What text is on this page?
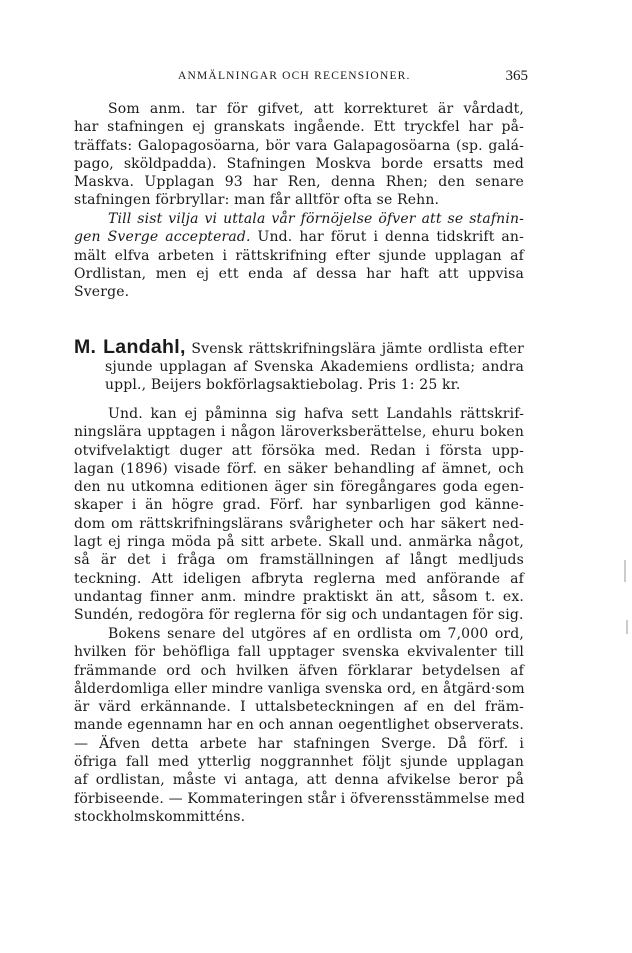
ANMÄLNINGAR OCH RECENSIONER.	365
Som anm. tar för gifvet, att korrekturet är vårdadt,
har stafningen ej granskats ingående. Ett tryckfel har på-
träffats: Galopagosöarna, bör vara Galapagosöarna (sp. galá-
pago, sköldpadda). Stafningen Moskva borde ersatts med
Maskva. Upplagan 93 har Ren, denna Rhen; den senare
stafningen förbryllar: man får alltför ofta se Rehn.
Till sist vilja vi uttala vår förnöjelse öfver att se stafnin-
gen Sverge accepterad. Und. har förut i denna tidskrift an-
mält elfva arbeten i rättskrifning efter sjunde upplagan af
Ordlistan, men ej ett enda af dessa har haft att uppvisa
Sverge.
M. Landahl, Svensk rättskrifningslära jämte ordlista efter
sjunde upplagan af Svenska Akademiens ordlista; andra
uppl., Beijers bokförlagsaktiebolag. Pris 1: 25 kr.
Und. kan ej påminna sig hafva sett Landahls rättskrif-
ningslära upptagen i någon läroverksberättelse, ehuru boken
otvifvelaktigt duger att försöka med. Redan i första upp-
lagan (1896) visade förf. en säker behandling af ämnet, och
den nu utkomna editionen äger sin föregångares goda egen-
skaper i än högre grad. Förf. har synbarligen god känne-
dom om rättskrifningslärans svårigheter och har säkert ned-
lagt ej ringa möda på sitt arbete. Skall und. anmärka något,
så är det i fråga om framställningen af långt medljuds
teckning. Att ideligen afbryta reglerna med anförande af
undantag finner anm. mindre praktiskt än att, såsom t. ex.
Sundén, redogöra för reglerna för sig och undantagen för sig.
Bokens senare del utgöres af en ordlista om 7,000 ord,
hvilken för behöfliga fall upptager svenska ekvivalenter till
främmande ord och hvilken äfven förklarar betydelsen af
ålderdomliga eller mindre vanliga svenska ord, en åtgärd·som
är värd erkännande. I uttalsbeteckningen af en del främ-
mande egennamn har en och annan oegentlighet observerats.
— Äfven detta arbete har stafningen Sverge. Då förf. i
öfriga fall med ytterlig noggrannhet följt sjunde upplagan
af ordlistan, måste vi antaga, att denna afvikelse beror på
förbiseende. — Kommateringen står i öfverensstämmelse med
stockholmskommitténs.
